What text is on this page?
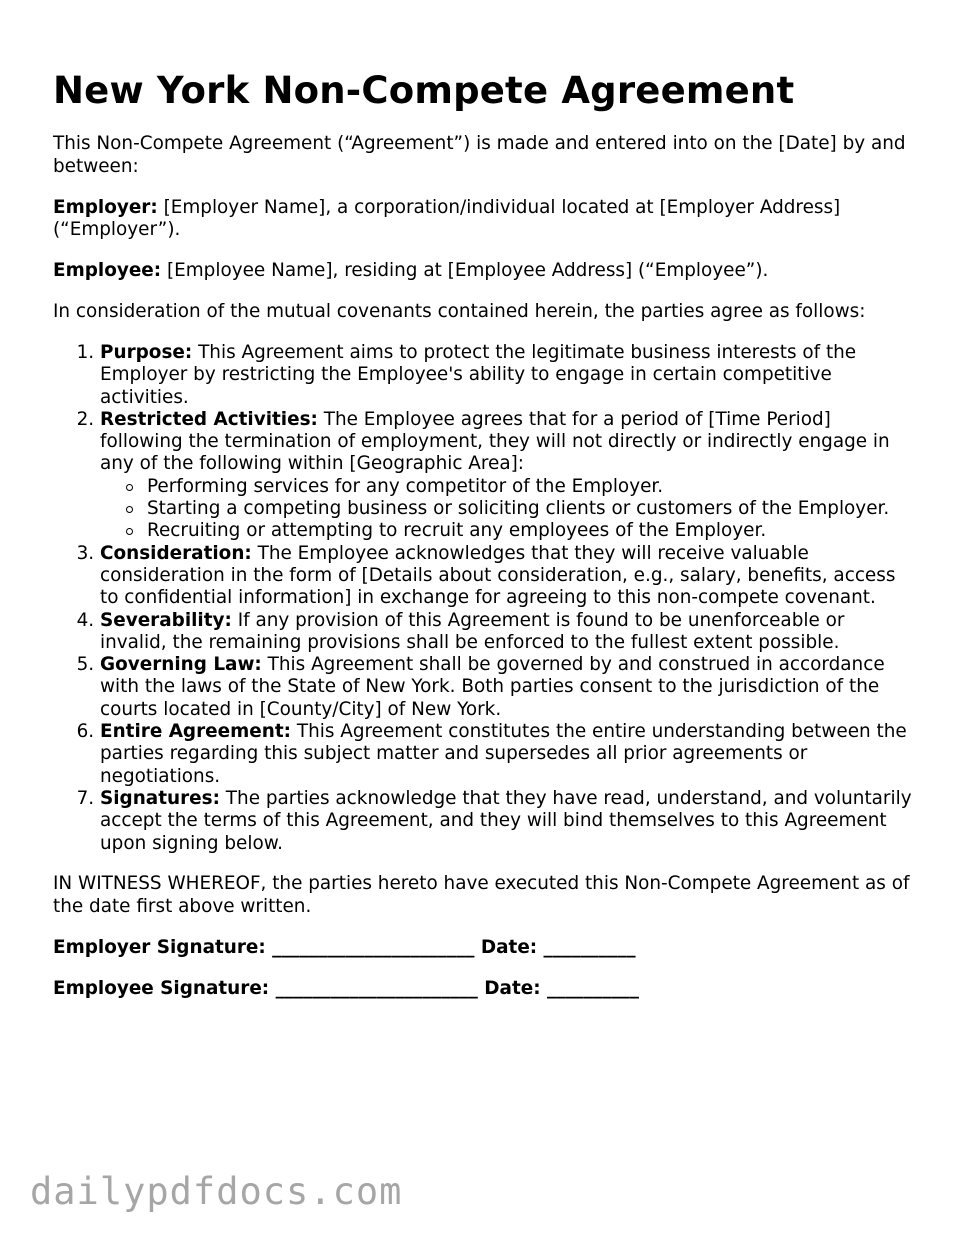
New York Non-Compete Agreement

This Non-Compete Agreement (“Agreement”) is made and entered into on the [Date] by and between:

Employer: [Employer Name], a corporation/individual located at [Employer Address] (“Employer”).

Employee: [Employee Name], residing at [Employee Address] (“Employee”).

In consideration of the mutual covenants contained herein, the parties agree as follows:

1. Purpose: This Agreement aims to protect the legitimate business interests of the Employer by restricting the Employee's ability to engage in certain competitive activities.
2. Restricted Activities: The Employee agrees that for a period of [Time Period] following the termination of employment, they will not directly or indirectly engage in any of the following within [Geographic Area]:
Performing services for any competitor of the Employer.
Starting a competing business or soliciting clients or customers of the Employer.
Recruiting or attempting to recruit any employees of the Employer.
3. Consideration: The Employee acknowledges that they will receive valuable consideration in the form of [Details about consideration, e.g., salary, benefits, access to confidential information] in exchange for agreeing to this non-compete covenant.
4. Severability: If any provision of this Agreement is found to be unenforceable or invalid, the remaining provisions shall be enforced to the fullest extent possible.
5. Governing Law: This Agreement shall be governed by and construed in accordance with the laws of the State of New York. Both parties consent to the jurisdiction of the courts located in [County/City] of New York.
6. Entire Agreement: This Agreement constitutes the entire understanding between the parties regarding this subject matter and supersedes all prior agreements or negotiations.
7. Signatures: The parties acknowledge that they have read, understand, and voluntarily accept the terms of this Agreement, and they will bind themselves to this Agreement upon signing below.

IN WITNESS WHEREOF, the parties hereto have executed this Non-Compete Agreement as of the date first above written.

Employer Signature: ______________________ Date: __________
Employee Signature: ______________________ Date: __________
dailypdfdocs.com
